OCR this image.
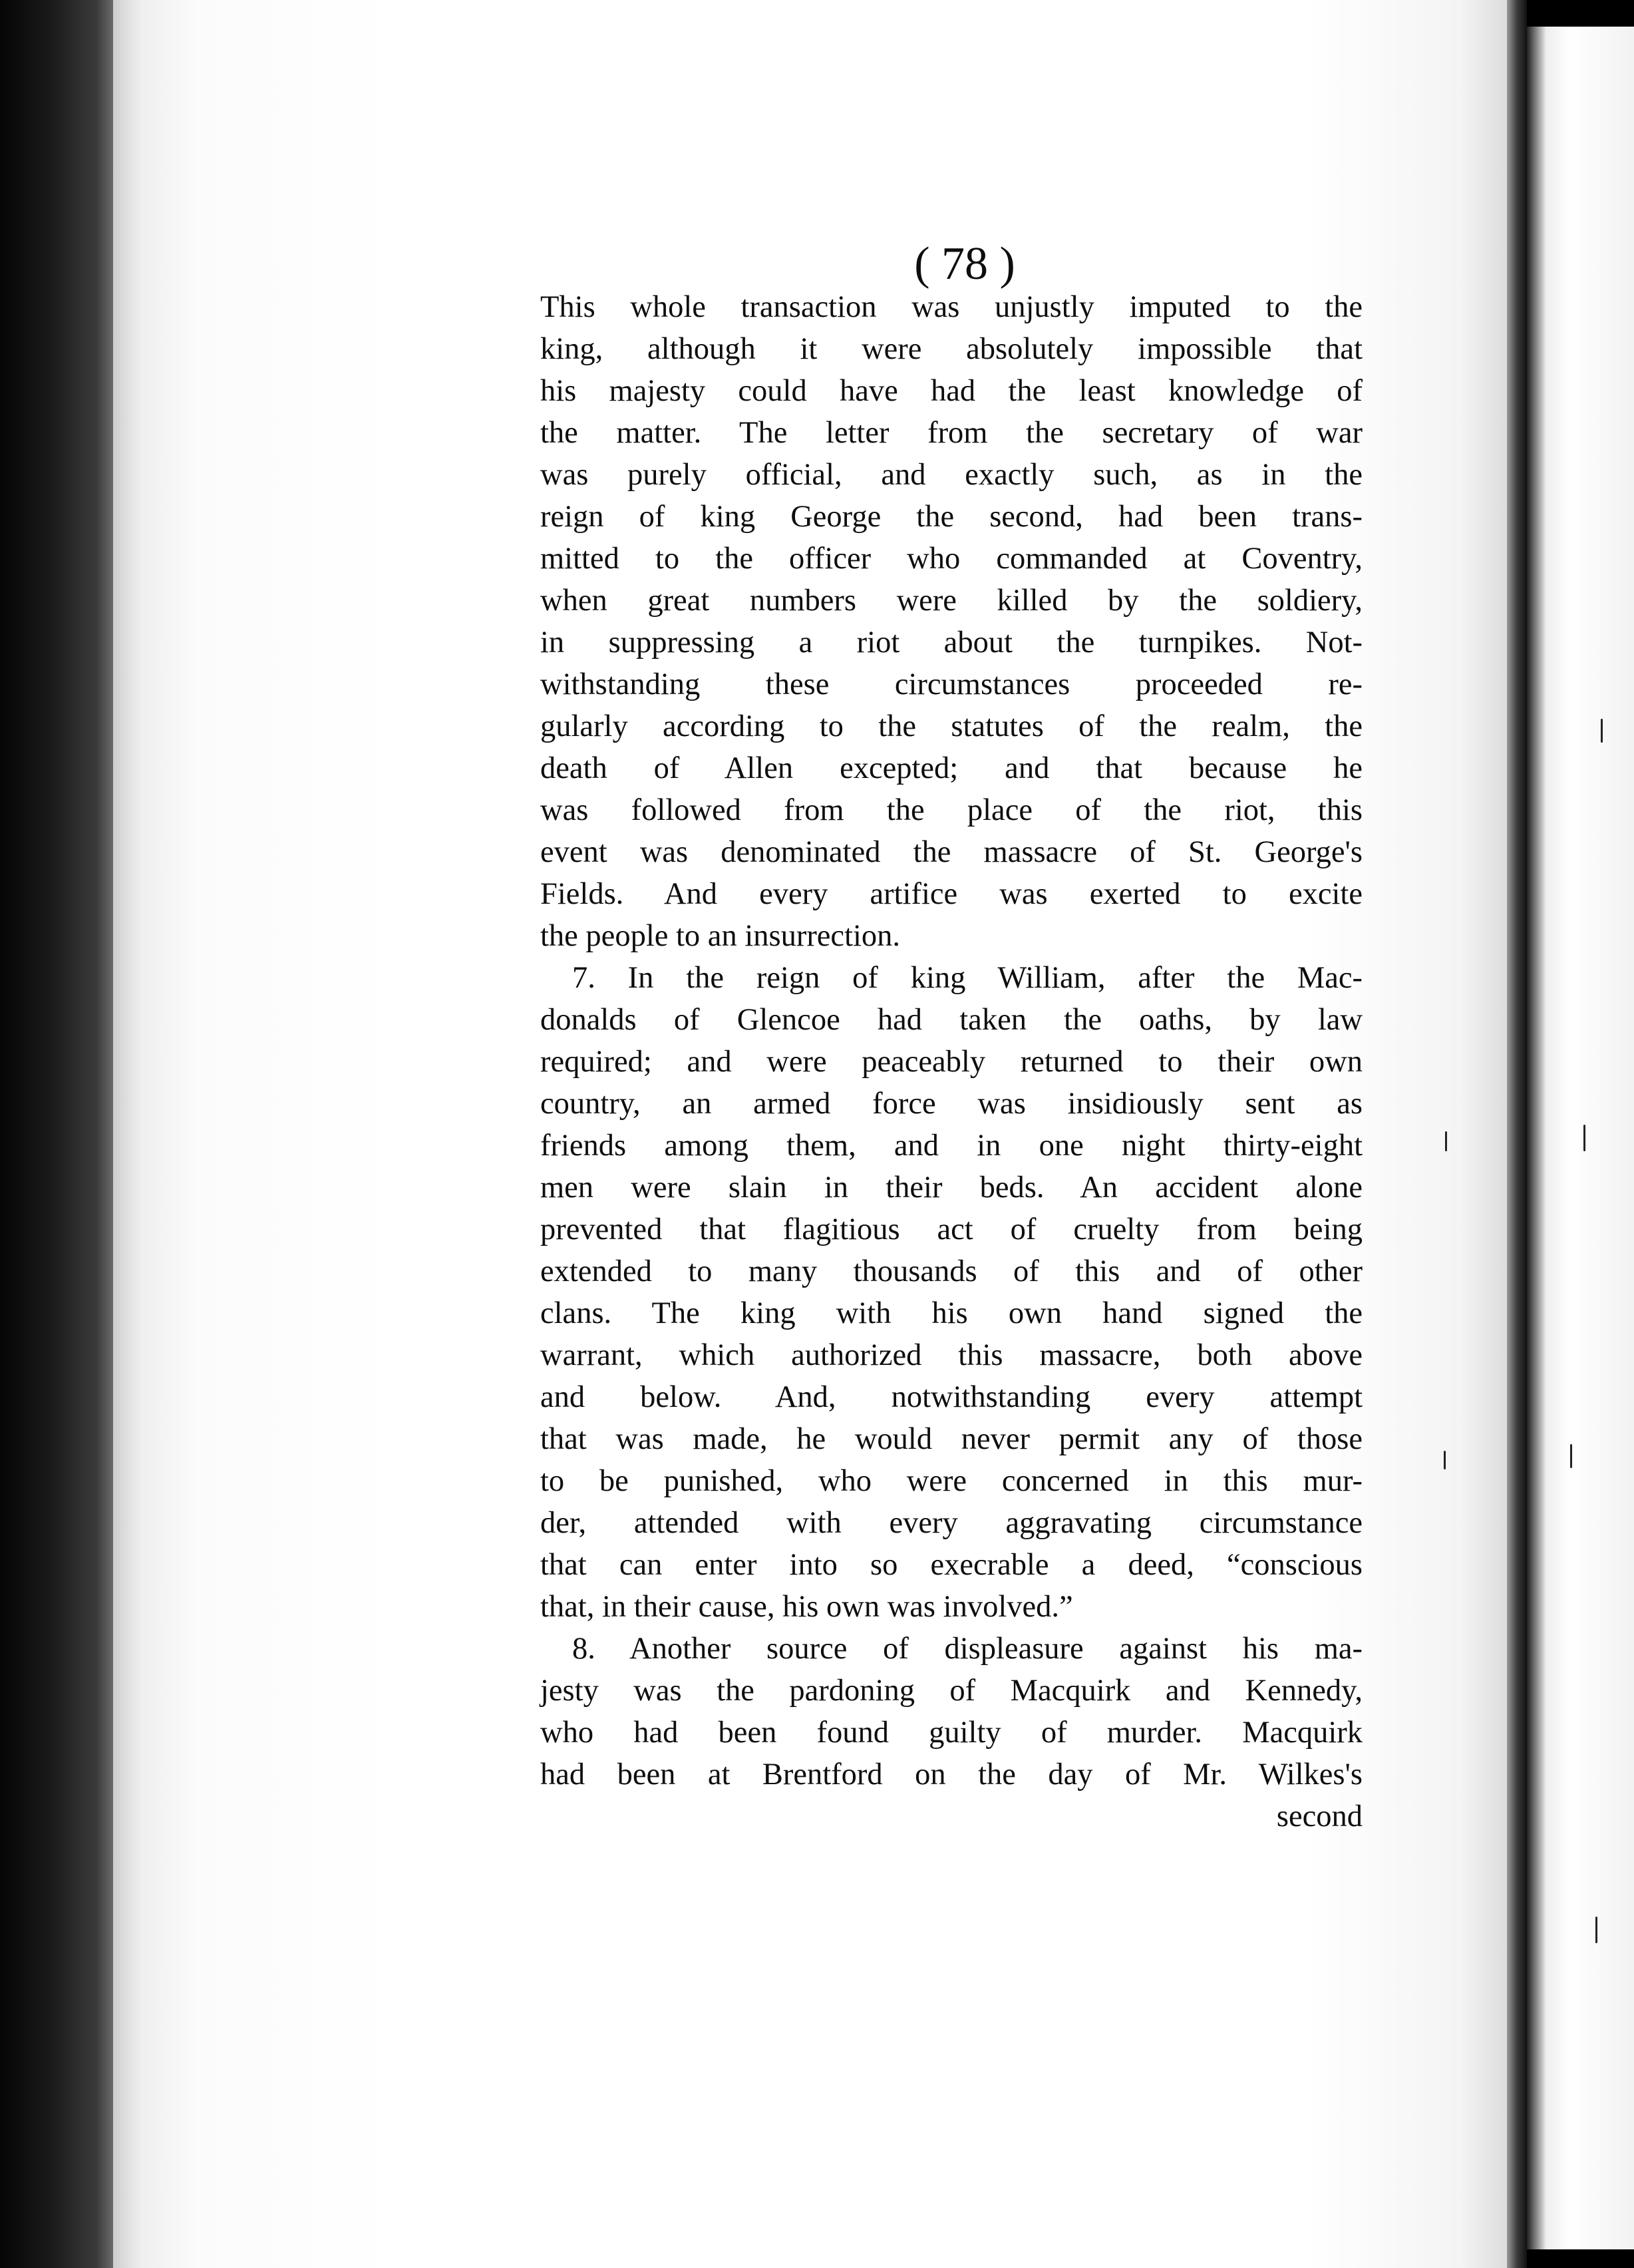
( 78 )
This whole transaction was unjustly imputed to the
king, although it were absolutely impossible that
his majesty could have had the least knowledge of
the matter. The letter from the secretary of war
was purely official, and exactly such, as in the
reign of king George the second, had been trans-
mitted to the officer who commanded at Coventry,
when great numbers were killed by the soldiery,
in suppressing a riot about the turnpikes. Not-
withstanding these circumstances proceeded re-
gularly according to the statutes of the realm, the
death of Allen excepted; and that because he
was followed from the place of the riot, this
event was denominated the massacre of St. George's
Fields. And every artifice was exerted to excite
the people to an insurrection.
7. In the reign of king William, after the Mac-
donalds of Glencoe had taken the oaths, by law
required; and were peaceably returned to their own
country, an armed force was insidiously sent as
friends among them, and in one night thirty-eight
men were slain in their beds. An accident alone
prevented that flagitious act of cruelty from being
extended to many thousands of this and of other
clans. The king with his own hand signed the
warrant, which authorized this massacre, both above
and below. And, notwithstanding every attempt
that was made, he would never permit any of those
to be punished, who were concerned in this mur-
der, attended with every aggravating circumstance
that can enter into so execrable a deed, “conscious
that, in their cause, his own was involved.”
8. Another source of displeasure against his ma-
jesty was the pardoning of Macquirk and Kennedy,
who had been found guilty of murder. Macquirk
had been at Brentford on the day of Mr. Wilkes's
second
